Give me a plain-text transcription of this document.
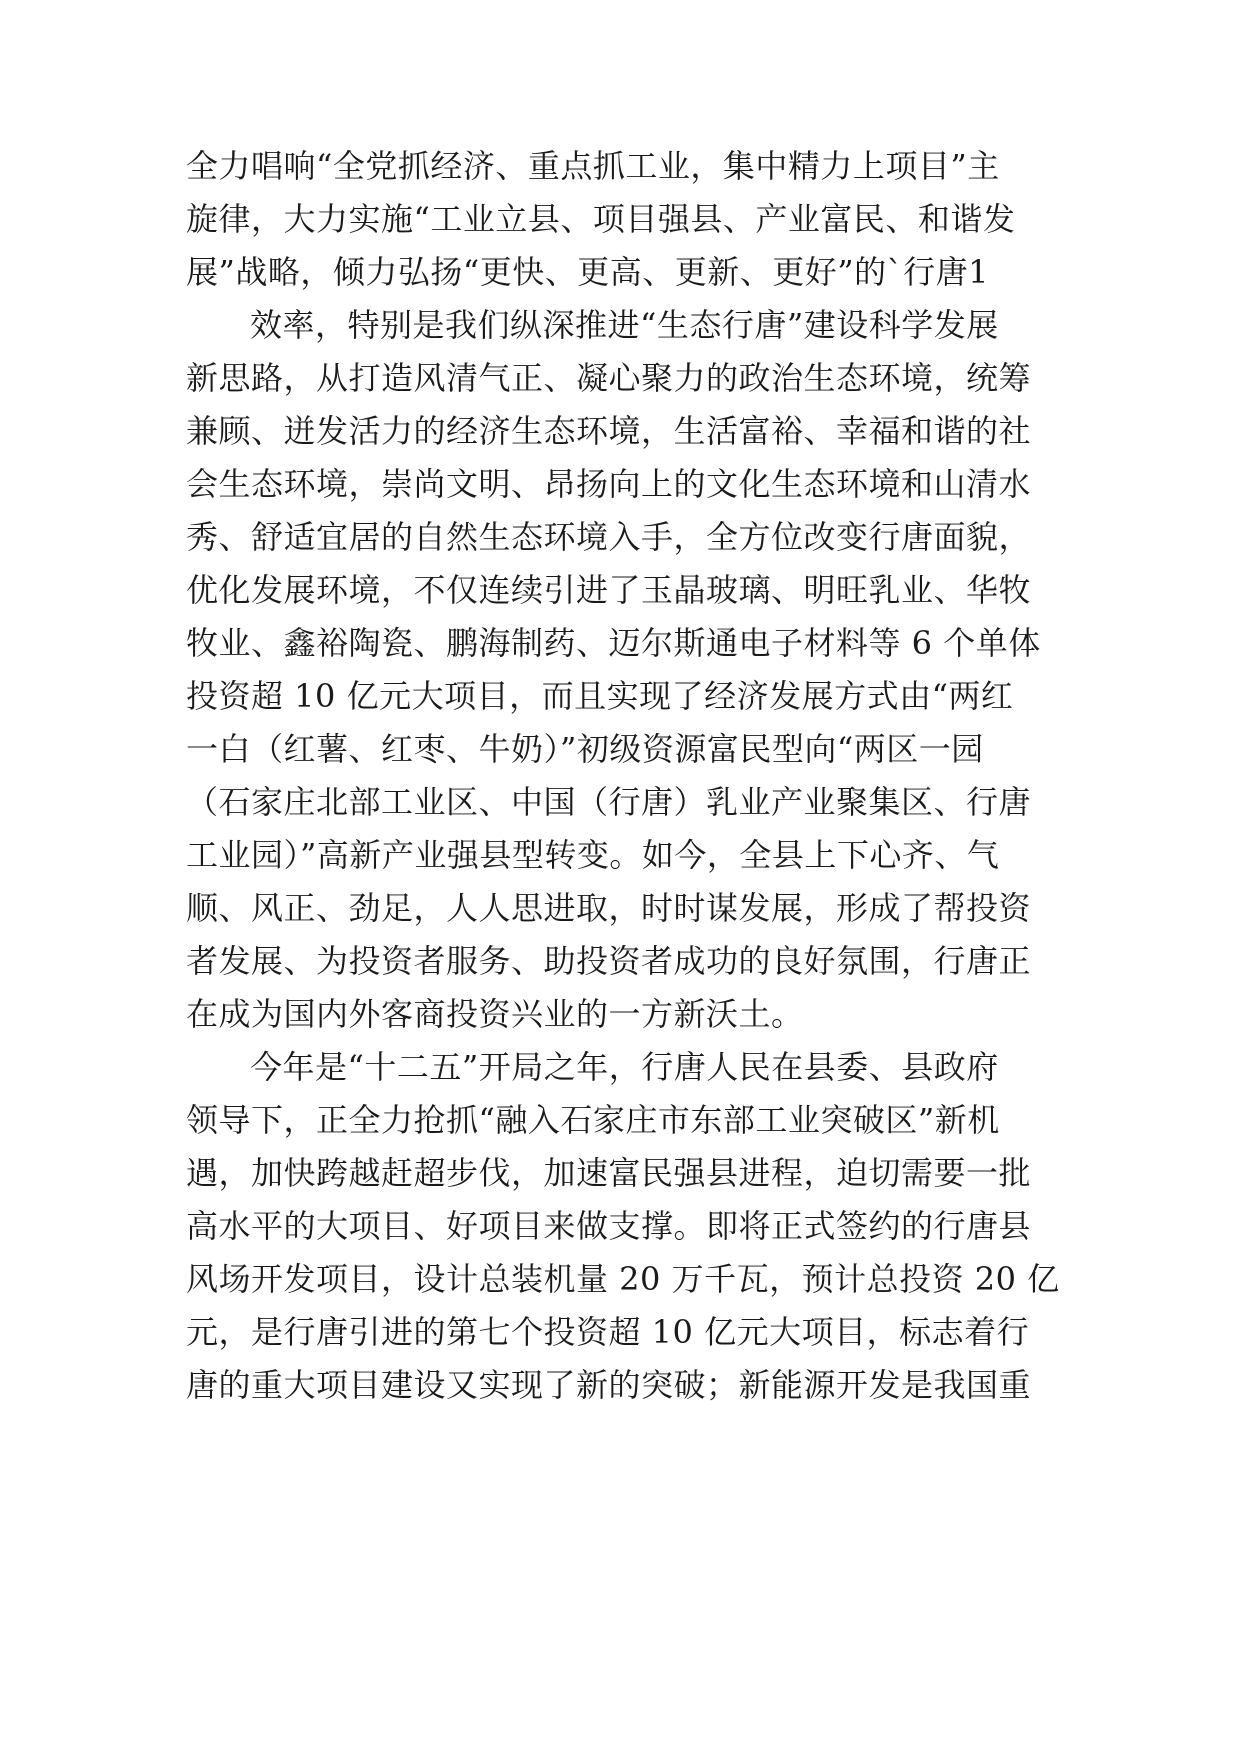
全力唱响“全党抓经济、重点抓工业，集中精力上项目”主
旋律，大力实施“工业立县、项目强县、产业富民、和谐发
展”战略，倾力弘扬“更快、更高、更新、更好”的`行唐1
效率，特别是我们纵深推进“生态行唐”建设科学发展
新思路，从打造风清气正、凝心聚力的政治生态环境，统筹
兼顾、迸发活力的经济生态环境，生活富裕、幸福和谐的社
会生态环境，崇尚文明、昂扬向上的文化生态环境和山清水
秀、舒适宜居的自然生态环境入手，全方位改变行唐面貌，
优化发展环境，不仅连续引进了玉晶玻璃、明旺乳业、华牧
牧业、鑫裕陶瓷、鹏海制药、迈尔斯通电子材料等 6 个单体
投资超 10 亿元大项目，而且实现了经济发展方式由“两红
一白（红薯、红枣、牛奶）”初级资源富民型向“两区一园
（石家庄北部工业区、中国（行唐）乳业产业聚集区、行唐
工业园）”高新产业强县型转变。如今，全县上下心齐、气
顺、风正、劲足，人人思进取，时时谋发展，形成了帮投资
者发展、为投资者服务、助投资者成功的良好氛围，行唐正
在成为国内外客商投资兴业的一方新沃土。
今年是“十二五”开局之年，行唐人民在县委、县政府
领导下，正全力抢抓“融入石家庄市东部工业突破区”新机
遇，加快跨越赶超步伐，加速富民强县进程，迫切需要一批
高水平的大项目、好项目来做支撑。即将正式签约的行唐县
风场开发项目，设计总装机量 20 万千瓦，预计总投资 20 亿
元，是行唐引进的第七个投资超 10 亿元大项目，标志着行
唐的重大项目建设又实现了新的突破；新能源开发是我国重
